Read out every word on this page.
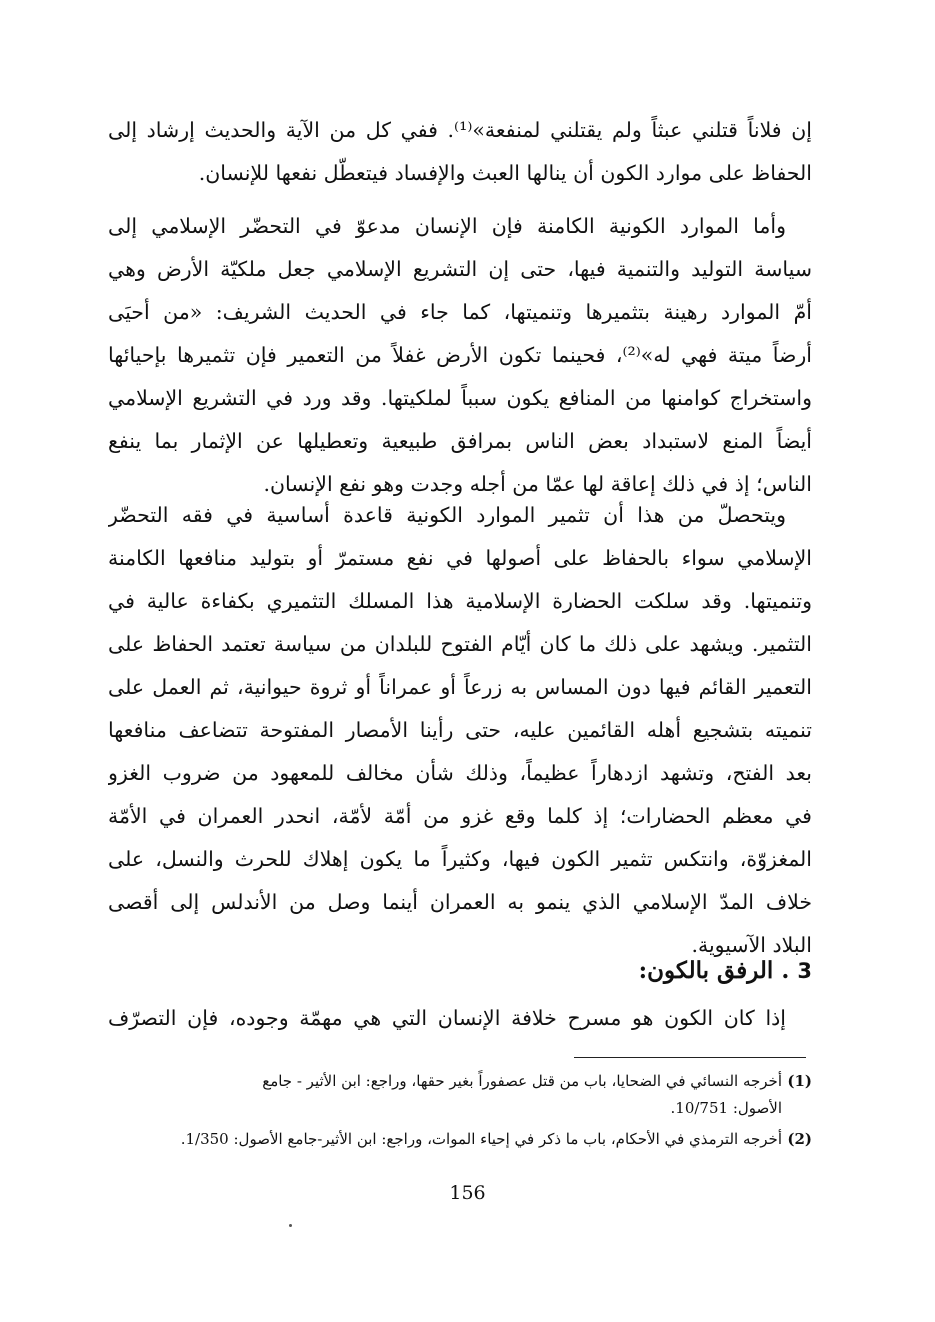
إن فلاناً قتلني عبثاً ولم يقتلني لمنفعة»⁽¹⁾. ففي كل من الآية والحديث إرشاد إلى
الحفاظ على موارد الكون أن ينالها العبث والإفساد فيتعطّل نفعها للإنسان.
وأما الموارد الكونية الكامنة فإن الإنسان مدعوّ في التحضّر الإسلامي إلى
سياسة التوليد والتنمية فيها، حتى إن التشريع الإسلامي جعل ملكيّة الأرض وهي
أمّ الموارد رهينة بتثميرها وتنميتها، كما جاء في الحديث الشريف: «من أحيَى
أرضاً ميتة فهي له»⁽²⁾، فحينما تكون الأرض غفلاً من التعمير فإن تثميرها بإحيائها
واستخراج كوامنها من المنافع يكون سبباً لملكيتها. وقد ورد في التشريع الإسلامي
أيضاً المنع لاستبداد بعض الناس بمرافق طبيعية وتعطيلها عن الإثمار بما ينفع
الناس؛ إذ في ذلك إعاقة لها عمّا من أجله وجدت وهو نفع الإنسان.
ويتحصلّ من هذا أن تثمير الموارد الكونية قاعدة أساسية في فقه التحضّر
الإسلامي سواء بالحفاظ على أصولها في نفع مستمرّ أو بتوليد منافعها الكامنة
وتنميتها. وقد سلكت الحضارة الإسلامية هذا المسلك التثميري بكفاءة عالية في
التثمير. ويشهد على ذلك ما كان أيّام الفتوح للبلدان من سياسة تعتمد الحفاظ على
التعمير القائم فيها دون المساس به زرعاً أو عمراناً أو ثروة حيوانية، ثم العمل على
تنميته بتشجيع أهله القائمين عليه، حتى رأينا الأمصار المفتوحة تتضاعف منافعها
بعد الفتح، وتشهد ازدهاراً عظيماً، وذلك شأن مخالف للمعهود من ضروب الغزو
في معظم الحضارات؛ إذ كلما وقع غزو من أمّة لأمّة، انحدر العمران في الأمّة
المغزوّة، وانتكس تثمير الكون فيها، وكثيراً ما يكون إهلاك للحرث والنسل، على
خلاف المدّ الإسلامي الذي ينمو به العمران أينما وصل من الأندلس إلى أقصى
البلاد الآسيوية.
3 . الرفق بالكون:
إذا كان الكون هو مسرح خلافة الإنسان التي هي مهمّة وجوده، فإن التصرّف
(1)أخرجه النسائي في الضحايا، باب من قتل عصفوراً بغير حقها، وراجع: ابن الأثير - جامع
الأصول: 10/751.
(2)أخرجه الترمذي في الأحكام، باب ما ذكر في إحياء الموات، وراجع: ابن الأثير-جامع الأصول: 1/350.
156
